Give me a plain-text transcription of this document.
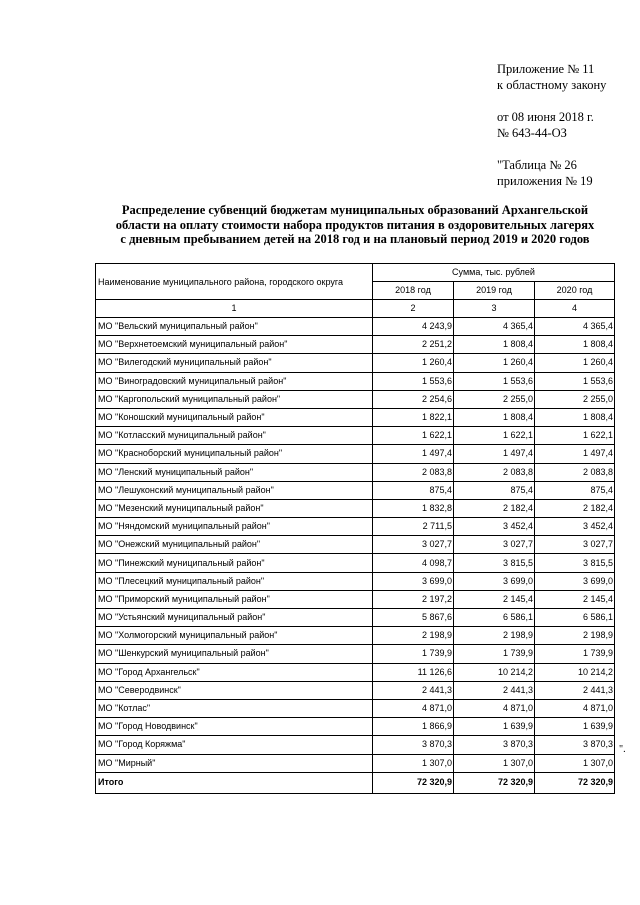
Приложение № 11
к областному закону
от 08 июня 2018 г.
№ 643-44-ОЗ
"Таблица № 26
приложения № 19
Распределение субвенций бюджетам муниципальных образований Архангельской
области на оплату стоимости набора продуктов питания в оздоровительных лагерях
с дневным пребыванием детей на 2018 год и на плановый период 2019 и 2020 годов
Наименование муниципального района, городского округа	Сумма, тыс. рублей		
	2018 год	2019 год	2020 год
1	2	3	4
МО "Вельский муниципальный район"	4 243,9	4 365,4	4 365,4
МО "Верхнетоемский муниципальный район"	2 251,2	1 808,4	1 808,4
МО "Вилегодский муниципальный район"	1 260,4	1 260,4	1 260,4
МО "Виноградовский муниципальный район"	1 553,6	1 553,6	1 553,6
МО "Каргопольский муниципальный район"	2 254,6	2 255,0	2 255,0
МО "Коношский муниципальный район"	1 822,1	1 808,4	1 808,4
МО "Котласский муниципальный район"	1 622,1	1 622,1	1 622,1
МО "Красноборский муниципальный район"	1 497,4	1 497,4	1 497,4
МО "Ленский муниципальный район"	2 083,8	2 083,8	2 083,8
МО "Лешуконский муниципальный район"	875,4	875,4	875,4
МО "Мезенский муниципальный район"	1 832,8	2 182,4	2 182,4
МО "Няндомский муниципальный район"	2 711,5	3 452,4	3 452,4
МО "Онежский муниципальный район"	3 027,7	3 027,7	3 027,7
МО "Пинежский муниципальный район"	4 098,7	3 815,5	3 815,5
МО "Плесецкий муниципальный район"	3 699,0	3 699,0	3 699,0
МО "Приморский муниципальный район"	2 197,2	2 145,4	2 145,4
МО "Устьянский муниципальный район"	5 867,6	6 586,1	6 586,1
МО "Холмогорский муниципальный район"	2 198,9	2 198,9	2 198,9
МО "Шенкурский муниципальный район"	1 739,9	1 739,9	1 739,9
МО "Город Архангельск"	11 126,6	10 214,2	10 214,2
МО "Северодвинск"	2 441,3	2 441,3	2 441,3
МО "Котлас"	4 871,0	4 871,0	4 871,0
МО "Город Новодвинск"	1 866,9	1 639,9	1 639,9
МО "Город Коряжма"	3 870,3	3 870,3	3 870,3
МО "Мирный"	1 307,0	1 307,0	1 307,0
Итого	72 320,9	72 320,9	72 320,9
".
